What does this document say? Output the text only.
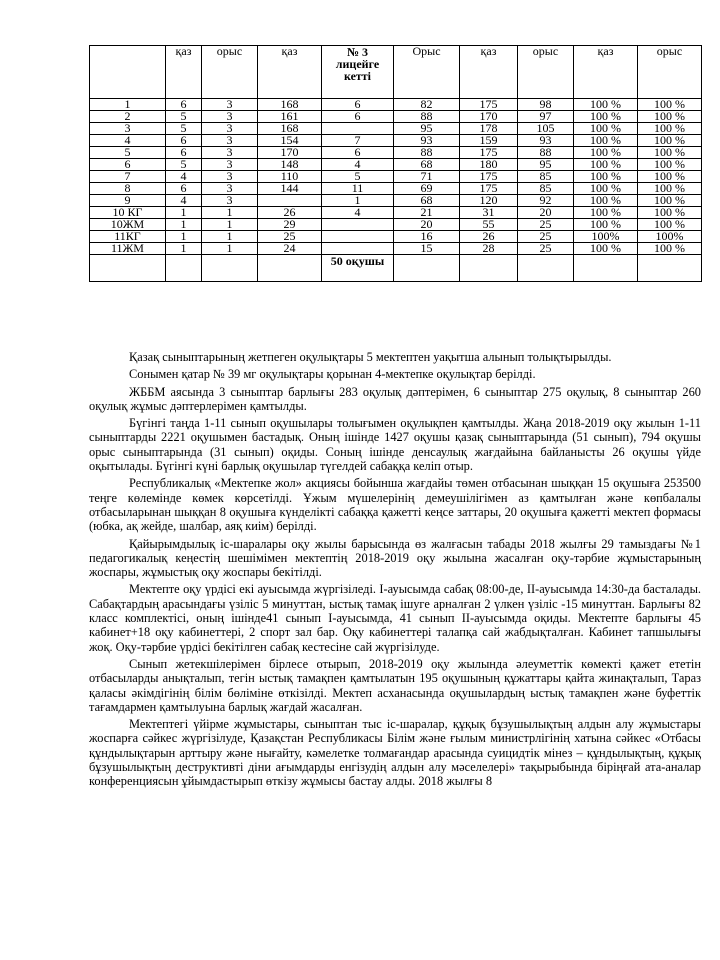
	қаз	орыс	қаз	№ 3 лицейге кетті	Орыс	қаз	орыс	қаз	орыс
1	6	3	168	6	82	175	98	100 %	100 %
2	5	3	161	6	88	170	97	100 %	100 %
3	5	3	168		95	178	105	100 %	100 %
4	6	3	154	7	93	159	93	100 %	100 %
5	6	3	170	6	88	175	88	100 %	100 %
6	5	3	148	4	68	180	95	100 %	100 %
7	4	3	110	5	71	175	85	100 %	100 %
8	6	3	144	11	69	175	85	100 %	100 %
9	4	3		1	68	120	92	100 %	100 %
10 КГ	1	1	26	4	21	31	20	100 %	100 %
10ЖМ	1	1	29		20	55	25	100 %	100 %
11КГ	1	1	25		16	26	25	100%	100%
11ЖМ	1	1	24		15	28	25	100 %	100 %
				50 оқушы					

Қазақ сыныптарының жетпеген оқулықтары 5 мектептен уақытша алынып толықтырылды.

Сонымен қатар № 39 мг оқулықтары қорынан 4-мектепке оқулықтар берілді.

ЖББМ аясында 3 сыныптар барлығы 283 оқулық дәптерімен, 6 сыныптар 275 оқулық, 8 сыныптар 260 оқулық жұмыс дәптерлерімен қамтылды.

Бүгінгі таңда 1-11 сынып оқушылары толығымен оқулықпен қамтылды. Жаңа 2018-2019 оқу жылын 1-11 сыныптарды 2221 оқушымен бастадық. Оның ішінде 1427 оқушы қазақ сыныптарында (51 сынып), 794 оқушы орыс сыныптарында (31 сынып) оқиды. Соның ішінде денсаулық жағдайына байланысты 26 оқушы үйде оқытылады. Бүгінгі күні барлық оқушылар түгелдей сабаққа келіп отыр.

Республикалық «Мектепке жол» акциясы бойынша жағдайы төмен отбасынан шыққан 15 оқушыға 253500 теңге көлемінде көмек көрсетілді. Ұжым мүшелерінің демеушілігімен аз қамтылған және көпбалалы отбасыларынан шыққан 8 оқушыға күнделікті сабаққа қажетті кеңсе заттары, 20 оқушыға қажетті мектеп формасы (юбка, ақ жейде, шалбар, аяқ киім) берілді.

Қайырымдылық іс-шаралары оқу жылы барысында өз жалғасын табады 2018 жылғы 29 тамыздағы №1 педагогикалық кеңестің шешімімен мектептің 2018-2019 оқу жылына жасалған оқу-тәрбие жұмыстарының жоспары, жұмыстық оқу жоспары бекітілді.

Мектепте оқу үрдісі екі ауысымда жүргізіледі. І-ауысымда сабақ 08:00-де, ІІ-ауысымда 14:30-да басталады. Сабақтардың арасындағы үзіліс 5 минуттан, ыстық тамақ ішуге арналған 2 үлкен үзіліс -15 минуттан. Барлығы 82 класс комплектісі, оның ішінде41 сынып І-ауысымда, 41 сынып ІІ-ауысымда оқиды. Мектепте барлығы 45 кабинет+18 оқу кабинеттері, 2 спорт зал бар. Оқу кабинеттері талапқа сай жабдықталған. Кабинет тапшылығы жоқ. Оқу-тәрбие үрдісі бекітілген сабақ кестесіне сай жүргізілуде.

Сынып жетекшілерімен бірлесе отырып, 2018-2019 оқу жылында әлеуметтік көмекті қажет ететін отбасыларды анықталып, тегін ыстық тамақпен қамтылатын 195 оқушының құжаттары қайта жинақталып, Тараз қаласы әкімдігінің білім бөліміне өткізілді. Мектеп асханасында оқушылардың ыстық тамақпен және буфеттік тағамдармен қамтылуына барлық жағдай жасалған.

Мектептегі үйірме жұмыстары, сыныптан тыс іс-шаралар, құқық бұзушылықтың алдын алу жұмыстары жоспарға сәйкес жүргізілуде, Қазақстан Республикасы Білім және ғылым министрлігінің хатына сәйкес «Отбасы құндылықтарын арттыру және нығайту, кәмелетке толмағандар арасында суицидтік мінез – құндылықтың, құқық бұзушылықтың деструктивті діни ағымдарды енгізудің алдын алу мәселелері» тақырыбында біріңғай ата-аналар конференциясын ұйымдастырып өткізу жұмысы бастау алды. 2018 жылғы 8
